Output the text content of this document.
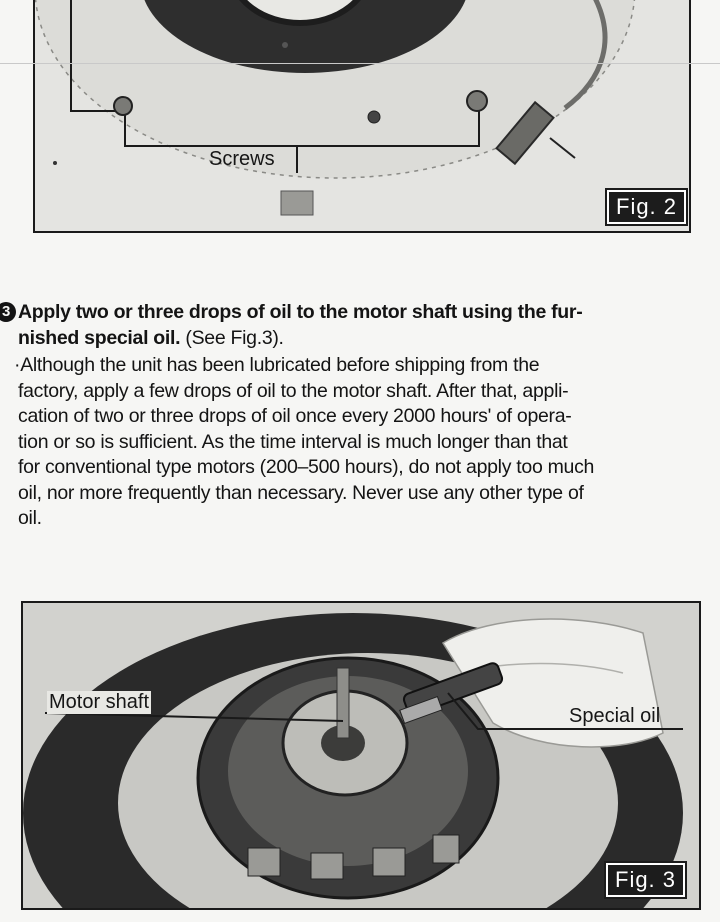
Screws
Fig. 2
3 Apply two or three drops of oil to the motor shaft using the fur-
nished special oil. (See Fig.3).
·Although the unit has been lubricated before shipping from the
factory, apply a few drops of oil to the motor shaft. After that, appli-
cation of two or three drops of oil once every 2000 hours' of opera-
tion or so is sufficient. As the time interval is much longer than that
for conventional type motors (200–500 hours), do not apply too much
oil, nor more frequently than necessary. Never use any other type of
oil.
Motor shaft
Special oil
Fig. 3
